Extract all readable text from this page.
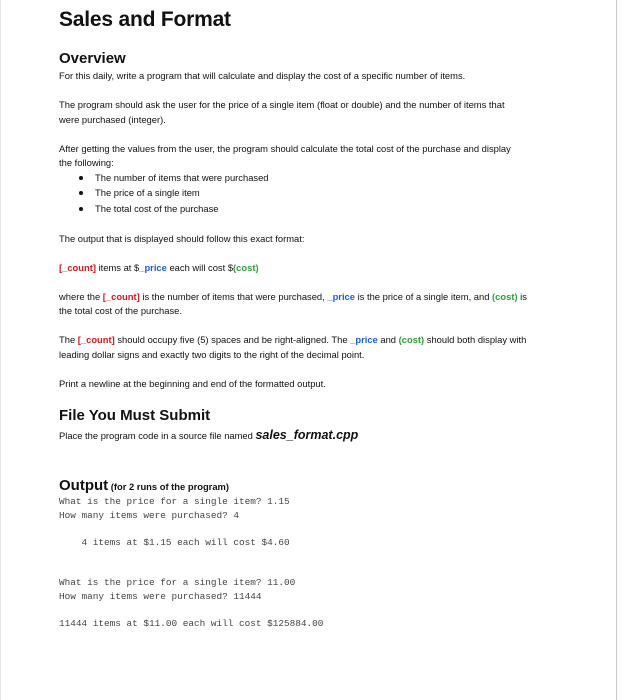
Sales and Format
Overview
For this daily, write a program that will calculate and display the cost of a specific number of items.
The program should ask the user for the price of a single item (float or double) and the number of items that
were purchased (integer).
After getting the values from the user, the program should calculate the total cost of the purchase and display
the following:
The number of items that were purchased
The price of a single item
The total cost of the purchase
The output that is displayed should follow this exact format:
[_count] items at $_price each will cost $(cost)
where the [_count] is the number of items that were purchased, _price is the price of a single item, and (cost) is
the total cost of the purchase.
The [_count] should occupy five (5) spaces and be right-aligned. The _price and (cost) should both display with
leading dollar signs and exactly two digits to the right of the decimal point.
Print a newline at the beginning and end of the formatted output.
File You Must Submit
Place the program code in a source file named sales_format.cpp
Output (for 2 runs of the program)
What is the price for a single item? 1.15
How many items were purchased? 4
4 items at $1.15 each will cost $4.60
What is the price for a single item? 11.00
How many items were purchased? 11444
11444 items at $11.00 each will cost $125884.00
